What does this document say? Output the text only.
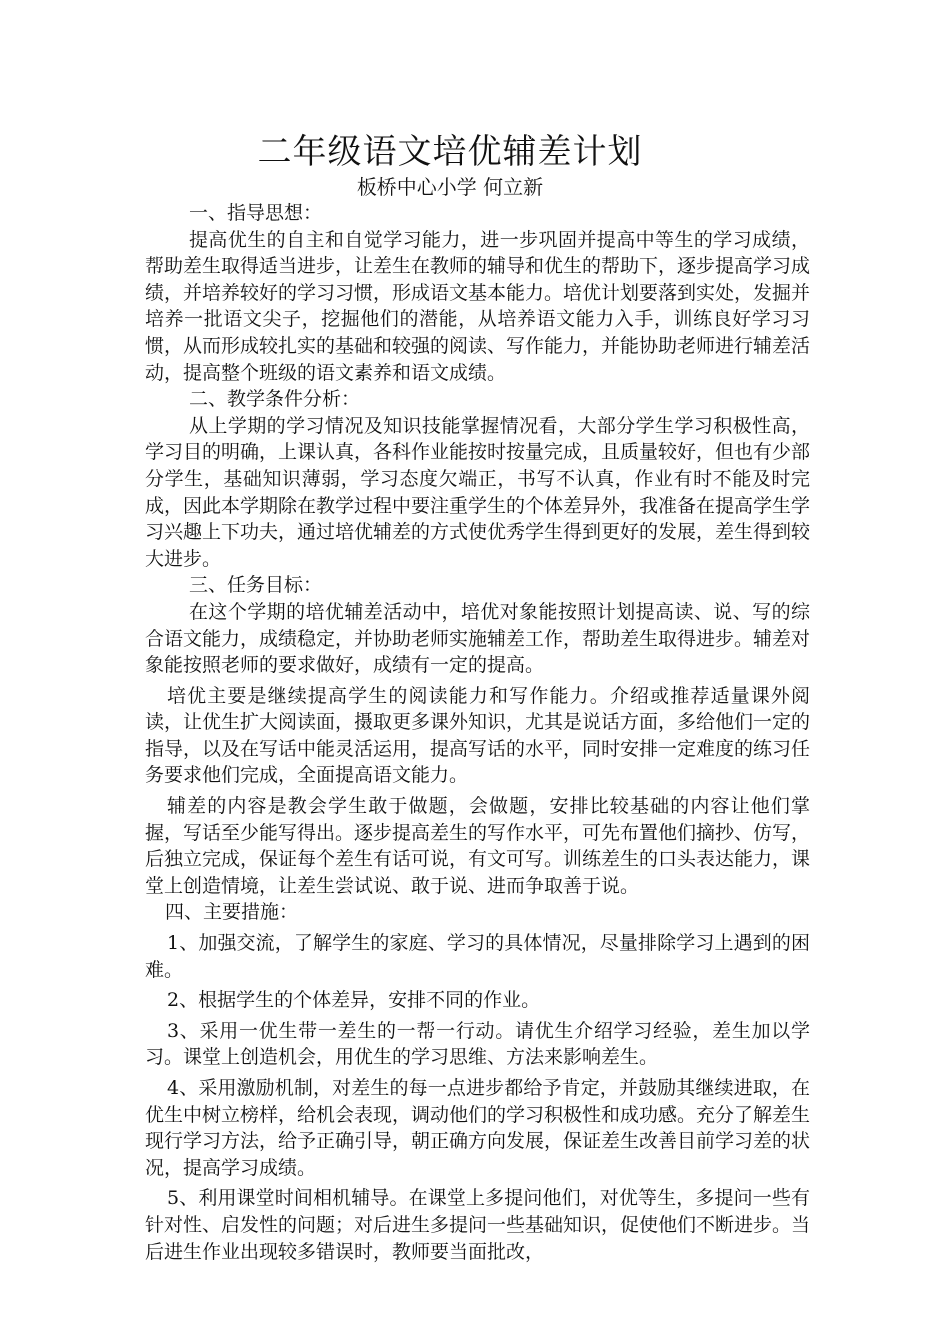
二年级语文培优辅差计划
板桥中心小学 何立新

一、指导思想：

提高优生的自主和自觉学习能力，进一步巩固并提高中等生的学习成绩，帮助差生取得适当进步，让差生在教师的辅导和优生的帮助下，逐步提高学习成绩，并培养较好的学习习惯，形成语文基本能力。培优计划要落到实处，发掘并培养一批语文尖子，挖掘他们的潜能，从培养语文能力入手，训练良好学习习惯，从而形成较扎实的基础和较强的阅读、写作能力，并能协助老师进行辅差活动，提高整个班级的语文素养和语文成绩。

二、教学条件分析：

从上学期的学习情况及知识技能掌握情况看，大部分学生学习积极性高，学习目的明确，上课认真，各科作业能按时按量完成，且质量较好，但也有少部分学生，基础知识薄弱，学习态度欠端正，书写不认真，作业有时不能及时完成，因此本学期除在教学过程中要注重学生的个体差异外，我准备在提高学生学习兴趣上下功夫，通过培优辅差的方式使优秀学生得到更好的发展，差生得到较大进步。

三、任务目标：

在这个学期的培优辅差活动中，培优对象能按照计划提高读、说、写的综合语文能力，成绩稳定，并协助老师实施辅差工作，帮助差生取得进步。辅差对象能按照老师的要求做好，成绩有一定的提高。

培优主要是继续提高学生的阅读能力和写作能力。介绍或推荐适量课外阅读，让优生扩大阅读面，摄取更多课外知识，尤其是说话方面，多给他们一定的指导，以及在写话中能灵活运用，提高写话的水平，同时安排一定难度的练习任务要求他们完成，全面提高语文能力。

辅差的内容是教会学生敢于做题，会做题，安排比较基础的内容让他们掌握，写话至少能写得出。逐步提高差生的写作水平，可先布置他们摘抄、仿写，后独立完成，保证每个差生有话可说，有文可写。训练差生的口头表达能力，课堂上创造情境，让差生尝试说、敢于说、进而争取善于说。

四、主要措施：

1、加强交流，了解学生的家庭、学习的具体情况，尽量排除学习上遇到的困难。

2、根据学生的个体差异，安排不同的作业。

3、采用一优生带一差生的一帮一行动。请优生介绍学习经验，差生加以学习。课堂上创造机会，用优生的学习思维、方法来影响差生。

4、采用激励机制，对差生的每一点进步都给予肯定，并鼓励其继续进取，在优生中树立榜样，给机会表现，调动他们的学习积极性和成功感。充分了解差生现行学习方法，给予正确引导，朝正确方向发展，保证差生改善目前学习差的状况，提高学习成绩。

5、利用课堂时间相机辅导。在课堂上多提问他们，对优等生，多提问一些有针对性、启发性的问题；对后进生多提问一些基础知识，促使他们不断进步。当后进生作业出现较多错误时，教师要当面批改，
